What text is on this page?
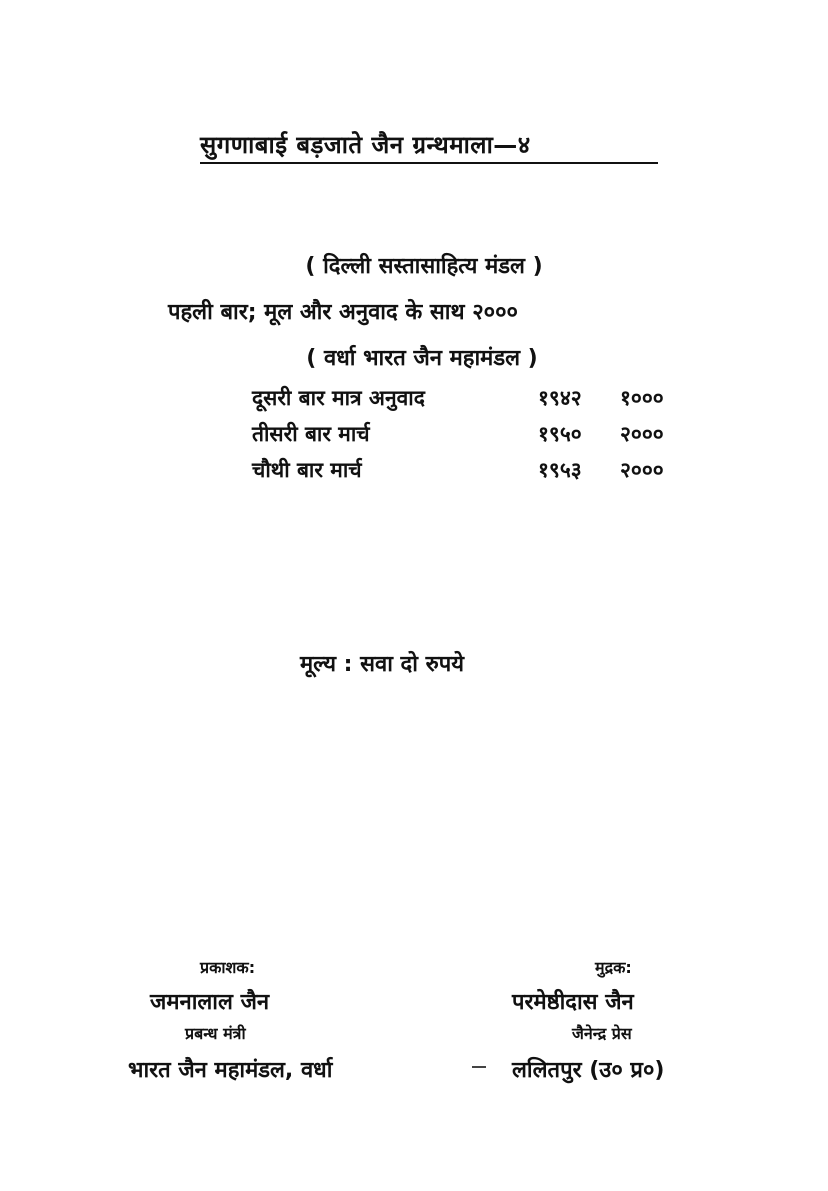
सुगणाबाई बड़जाते जैन ग्रन्थमाला—४
( दिल्ली सस्तासाहित्य मंडल )
पहली बार; मूल और अनुवाद के साथ २०००
( वर्धा भारत जैन महामंडल )
दूसरी बार मात्र अनुवाद	१९४२ १०००
तीसरी बार मार्च	१९५० २०००
चौथी बार मार्च	१९५३ २०००
मूल्य : सवा दो रुपये
प्रकाशक:
जमनालाल जैन
प्रबन्ध मंत्री
भारत जैन महामंडल, वर्धा
मुद्रक:
परमेष्ठीदास जैन
जैनेन्द्र प्रेस
ललितपुर (उ० प्र०)
